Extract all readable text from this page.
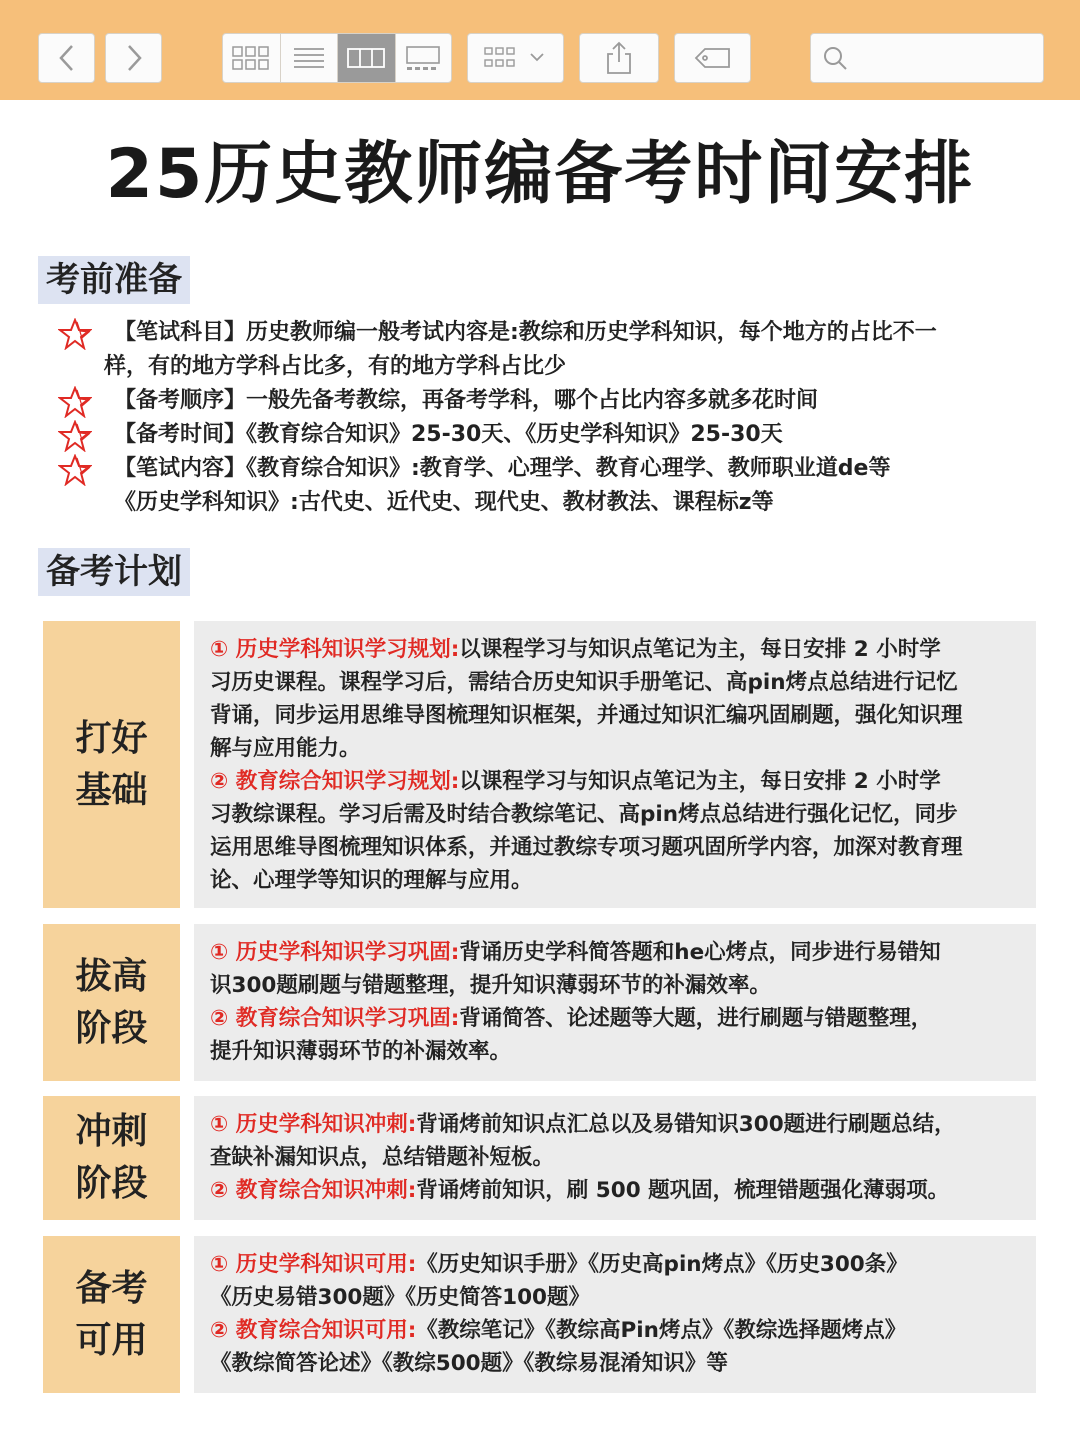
25历史教师编备考时间安排
考前准备
【笔试科目】历史教师编一般考试内容是:教综和历史学科知识，每个地方的占比不一
样，有的地方学科占比多，有的地方学科占比少
【备考顺序】一般先备考教综，再备考学科，哪个占比内容多就多花时间
【备考时间】《教育综合知识》25-30天、《历史学科知识》25-30天
【笔试内容】《教育综合知识》:教育学、心理学、教育心理学、教师职业道de等
《历史学科知识》:古代史、近代史、现代史、教材教法、课程标z等
备考计划
打好基础
① 历史学科知识学习规划:以课程学习与知识点笔记为主，每日安排 2 小时学
习历史课程。课程学习后，需结合历史知识手册笔记、高pin烤点总结进行记忆
背诵，同步运用思维导图梳理知识框架，并通过知识汇编巩固刷题，强化知识理
解与应用能力。
② 教育综合知识学习规划:以课程学习与知识点笔记为主，每日安排 2 小时学
习教综课程。学习后需及时结合教综笔记、高pin烤点总结进行强化记忆，同步
运用思维导图梳理知识体系，并通过教综专项习题巩固所学内容，加深对教育理
论、心理学等知识的理解与应用。
拔高阶段
① 历史学科知识学习巩固:背诵历史学科简答题和he心烤点，同步进行易错知
识300题刷题与错题整理，提升知识薄弱环节的补漏效率。
② 教育综合知识学习巩固:背诵简答、论述题等大题，进行刷题与错题整理，
提升知识薄弱环节的补漏效率。
冲刺阶段
① 历史学科知识冲刺:背诵烤前知识点汇总以及易错知识300题进行刷题总结，
查缺补漏知识点，总结错题补短板。
② 教育综合知识冲刺:背诵烤前知识，刷 500 题巩固，梳理错题强化薄弱项。
备考可用
① 历史学科知识可用:《历史知识手册》《历史高pin烤点》《历史300条》
《历史易错300题》《历史简答100题》
② 教育综合知识可用:《教综笔记》《教综高Pin烤点》《教综选择题烤点》
《教综简答论述》《教综500题》《教综易混淆知识》等
